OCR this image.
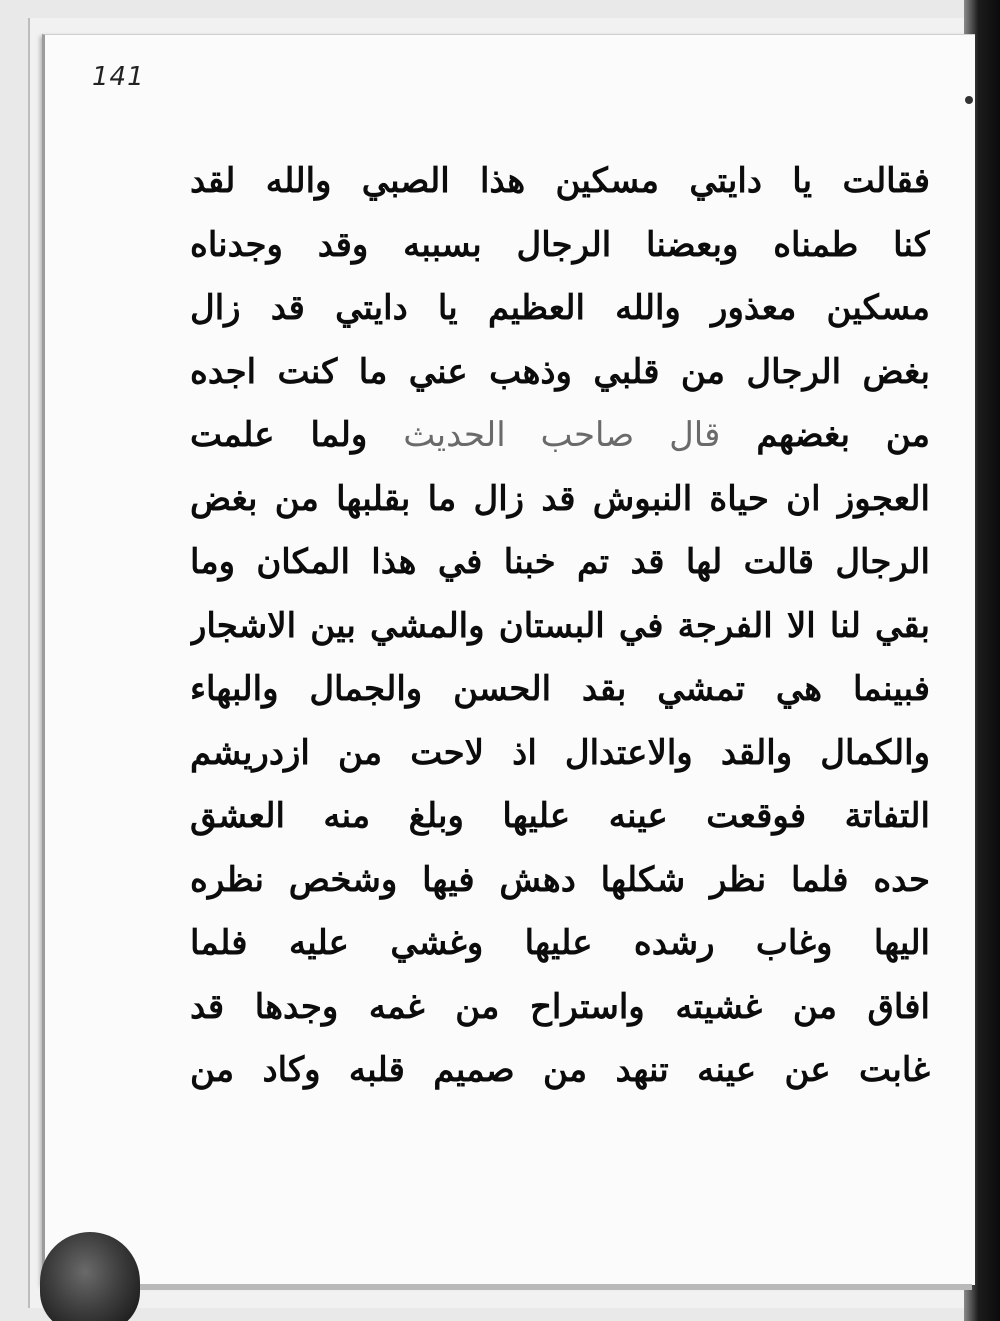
141
فقالت يا دايتي مسكين هذا الصبي والله لقد
كنا طمناه وبعضنا الرجال بسببه وقد وجدناه
مسكين معذور والله العظيم يا دايتي قد زال
بغض الرجال من قلبي وذهب عني ما كنت اجده
من بغضهم قال صاحب الحديث ولما علمت
العجوز ان حياة النبوش قد زال ما بقلبها من بغض
الرجال قالت لها قد تم خبنا في هذا المكان وما
بقي لنا الا الفرجة في البستان والمشي بين الاشجار
فبينما هي تمشي بقد الحسن والجمال والبهاء
والكمال والقد والاعتدال اذ لاحت من ازدريشم
التفاتة فوقعت عينه عليها وبلغ منه العشق
حده فلما نظر شكلها دهش فيها وشخص نظره
اليها وغاب رشده عليها وغشي عليه فلما
افاق من غشيته واستراح من غمه وجدها قد
غابت عن عينه تنهد من صميم قلبه وكاد من
